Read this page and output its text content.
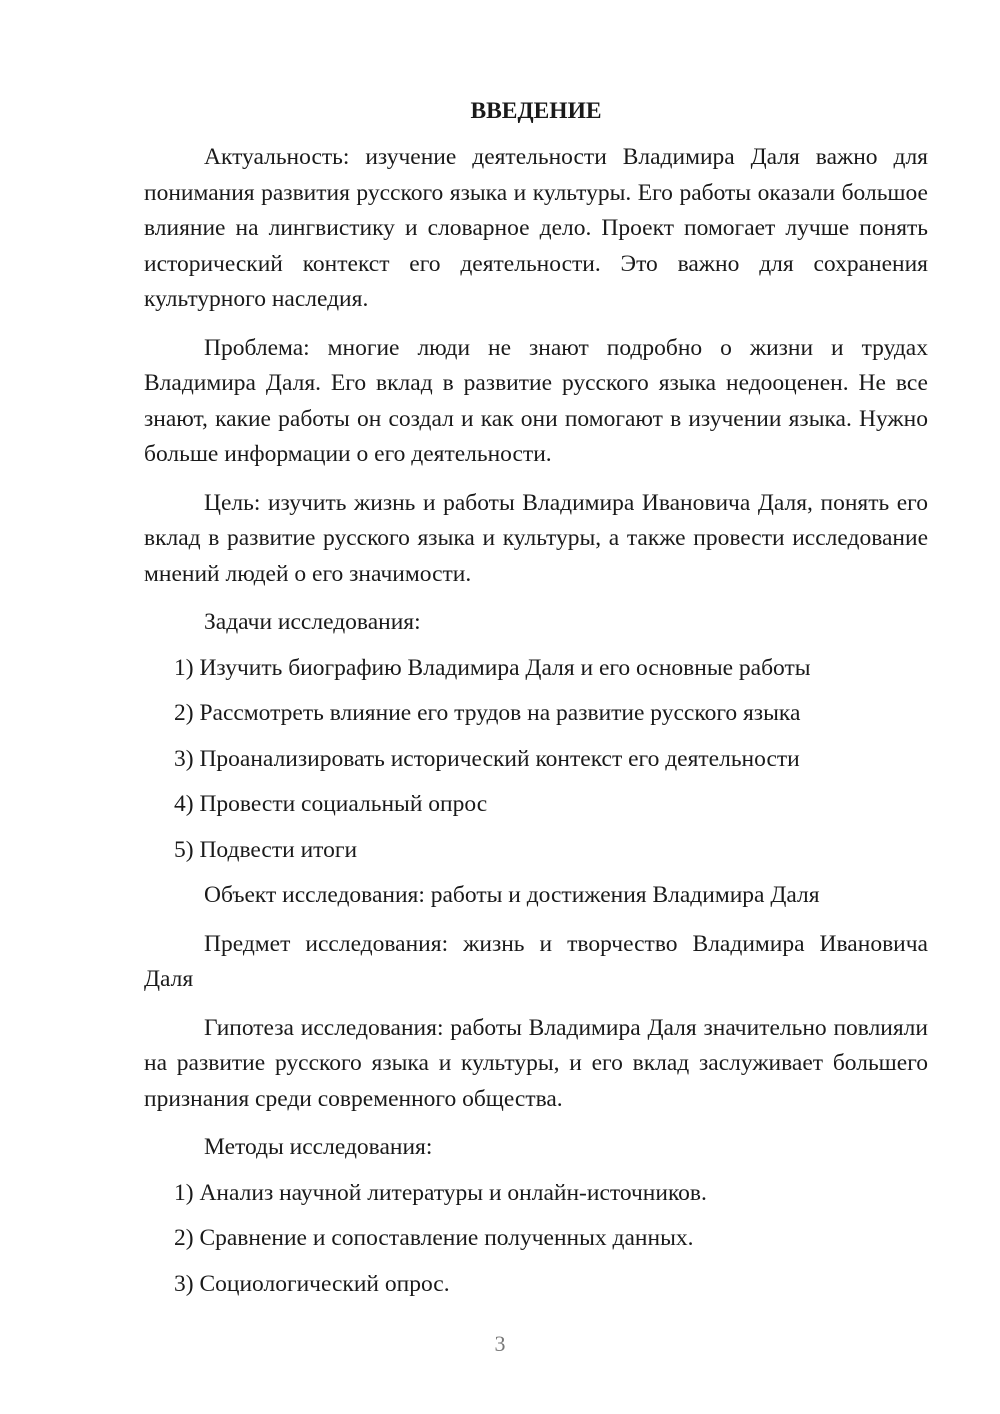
ВВЕДЕНИЕ

Актуальность: изучение деятельности Владимира Даля важно для понимания развития русского языка и культуры. Его работы оказали большое влияние на лингвистику и словарное дело. Проект помогает лучше понять исторический контекст его деятельности. Это важно для сохранения культурного наследия.

Проблема: многие люди не знают подробно о жизни и трудах Владимира Даля. Его вклад в развитие русского языка недооценен. Не все знают, какие работы он создал и как они помогают в изучении языка. Нужно больше информации о его деятельности.

Цель: изучить жизнь и работы Владимира Ивановича Даля, понять его вклад в развитие русского языка и культуры, а также провести исследование мнений людей о его значимости.

Задачи исследования:

1) Изучить биографию Владимира Даля и его основные работы
2) Рассмотреть влияние его трудов на развитие русского языка
3) Проанализировать исторический контекст его деятельности
4) Провести социальный опрос
5) Подвести итоги

Объект исследования: работы и достижения Владимира Даля

Предмет исследования: жизнь и творчество Владимира Ивановича Даля

Гипотеза исследования: работы Владимира Даля значительно повлияли на развитие русского языка и культуры, и его вклад заслуживает большего признания среди современного общества.

Методы исследования:

1) Анализ научной литературы и онлайн-источников.
2) Сравнение и сопоставление полученных данных.
3) Социологический опрос.
3
